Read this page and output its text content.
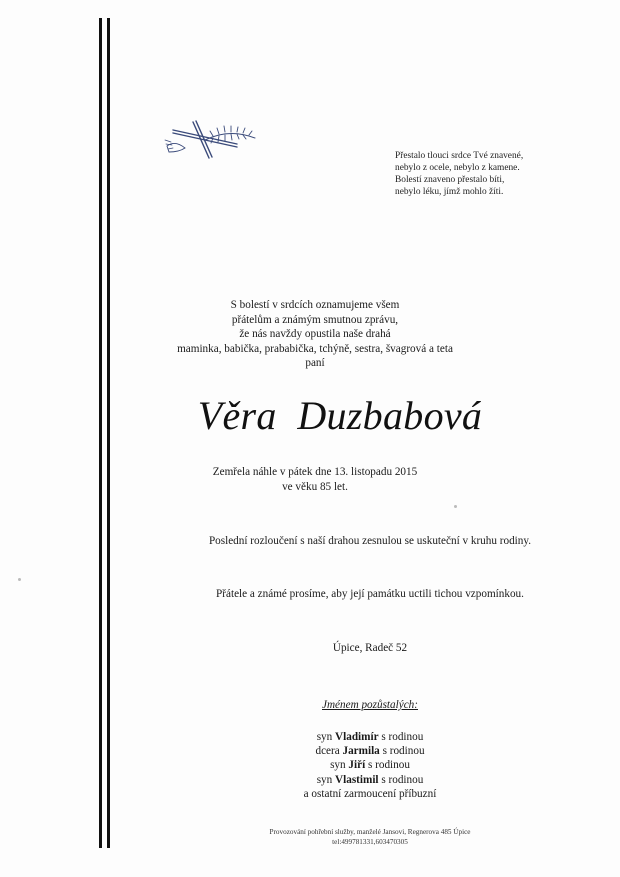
Přestalo tlouci srdce Tvé znavené,
nebylo z ocele, nebylo z kamene.
Bolestí znaveno přestalo bíti,
nebylo léku, jímž mohlo žíti.
S bolestí v srdcích oznamujeme všem
přátelům a známým smutnou zprávu,
že nás navždy opustila naše drahá
maminka, babička, prababička, tchýně, sestra, švagrová a teta
paní
Věra  Duzbabová
Zemřela náhle v pátek dne 13. listopadu 2015
ve věku 85 let.
Poslední rozloučení s naší drahou zesnulou se uskuteční v kruhu rodiny.
Přátele a známé prosíme, aby její památku uctili tichou vzpomínkou.
Úpice, Radeč 52
Jménem pozůstalých:
syn Vladimír s rodinou
dcera Jarmila s rodinou
syn Jiří s rodinou
syn Vlastimil s rodinou
a ostatní zarmoucení příbuzní
Provozování pohřební služby, manželé Jansovi, Regnerova 485 Úpice
tel:499781331,603470305
